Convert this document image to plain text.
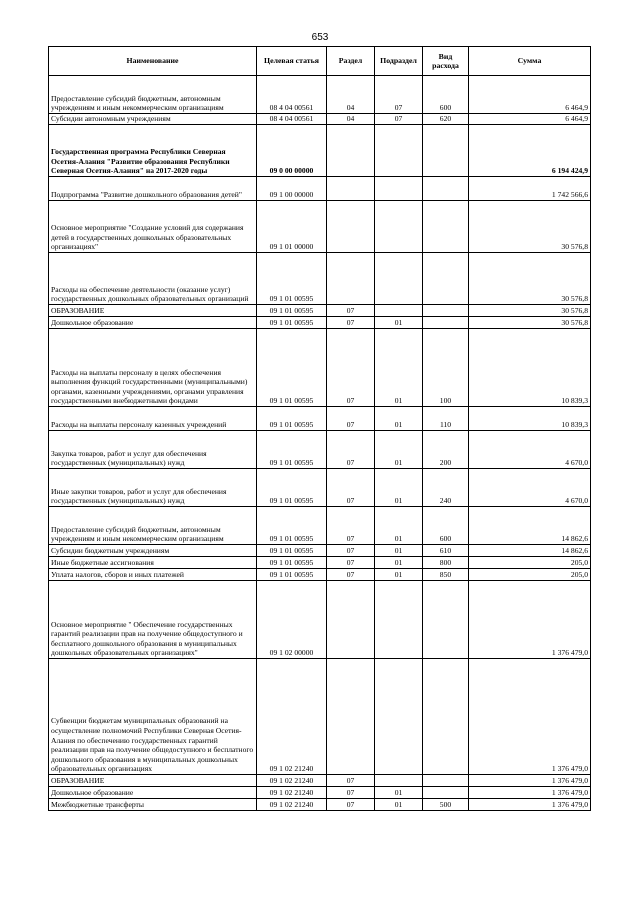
653
Наименование	Целевая статья	Раздел	Подраздел	Вид расхода	Сумма
Предоставление субсидий бюджетным, автономным учреждениям и иным некоммерческим организациям	08 4 04 00561	04	07	600	6 464,9
Субсидии автономным учреждениям	08 4 04 00561	04	07	620	6 464,9
Государственная программа Республики Северная Осетия-Алания "Развитие образования Республики Северная Осетия-Алания" на 2017-2020 годы	09 0 00 00000				6 194 424,9
Подпрограмма "Развитие дошкольного образования детей"	09 1 00 00000				1 742 566,6
Основное мероприятие "Создание условий для содержания детей в государственных дошкольных образовательных организациях"	09 1 01 00000				30 576,8
Расходы на обеспечение деятельности (оказание услуг) государственных дошкольных образовательных организаций	09 1 01 00595				30 576,8
ОБРАЗОВАНИЕ	09 1 01 00595	07			30 576,8
Дошкольное образование	09 1 01 00595	07	01		30 576,8
Расходы на выплаты персоналу в целях обеспечения выполнения функций государственными (муниципальными) органами, казенными учреждениями, органами управления государственными внебюджетными фондами	09 1 01 00595	07	01	100	10 839,3
Расходы на выплаты персоналу казенных учреждений	09 1 01 00595	07	01	110	10 839,3
Закупка товаров, работ и услуг для обеспечения государственных (муниципальных) нужд	09 1 01 00595	07	01	200	4 670,0
Иные закупки товаров, работ и услуг для обеспечения государственных (муниципальных) нужд	09 1 01 00595	07	01	240	4 670,0
Предоставление субсидий бюджетным, автономным учреждениям и иным некоммерческим организациям	09 1 01 00595	07	01	600	14 862,6
Субсидии бюджетным учреждениям	09 1 01 00595	07	01	610	14 862,6
Иные бюджетные ассигнования	09 1 01 00595	07	01	800	205,0
Уплата налогов, сборов и иных платежей	09 1 01 00595	07	01	850	205,0
Основное мероприятие " Обеспечение государственных гарантий реализации прав на получение общедоступного и бесплатного дошкольного образования в муниципальных дошкольных образовательных организациях"	09 1 02 00000				1 376 479,0
Субвенции бюджетам муниципальных образований на осуществление полномочий Республики Северная Осетия-Алания по обеспечению государственных гарантий реализации прав на получение общедоступного и бесплатного дошкольного образования в муниципальных дошкольных образовательных организациях	09 1 02 21240				1 376 479,0
ОБРАЗОВАНИЕ	09 1 02 21240	07			1 376 479,0
Дошкольное образование	09 1 02 21240	07	01		1 376 479,0
Межбюджетные трансферты	09 1 02 21240	07	01	500	1 376 479,0
